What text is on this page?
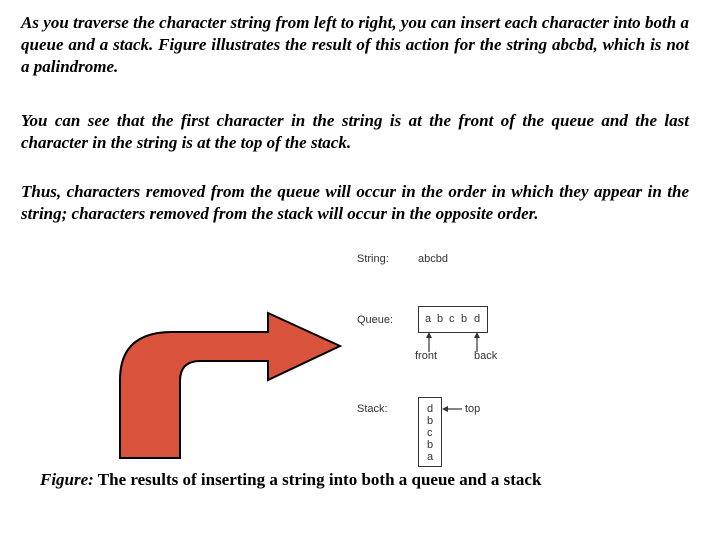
As you traverse the character string from left to right, you can insert each character into both a queue and a stack. Figure illustrates the result of this action for the string abcbd, which is not a palindrome.

You can see that the first character in the string is at the front of the queue and the last character in the string is at the top of the stack.

Thus, characters removed from the queue will occur in the order in which they appear in the string; characters removed from the stack will occur in the opposite order.

String:	abcbd
Queue:	a b c b d
front	back
Stack:	d
b
c
b
a
top
Figure: The results of inserting a string into both a queue and a stack
